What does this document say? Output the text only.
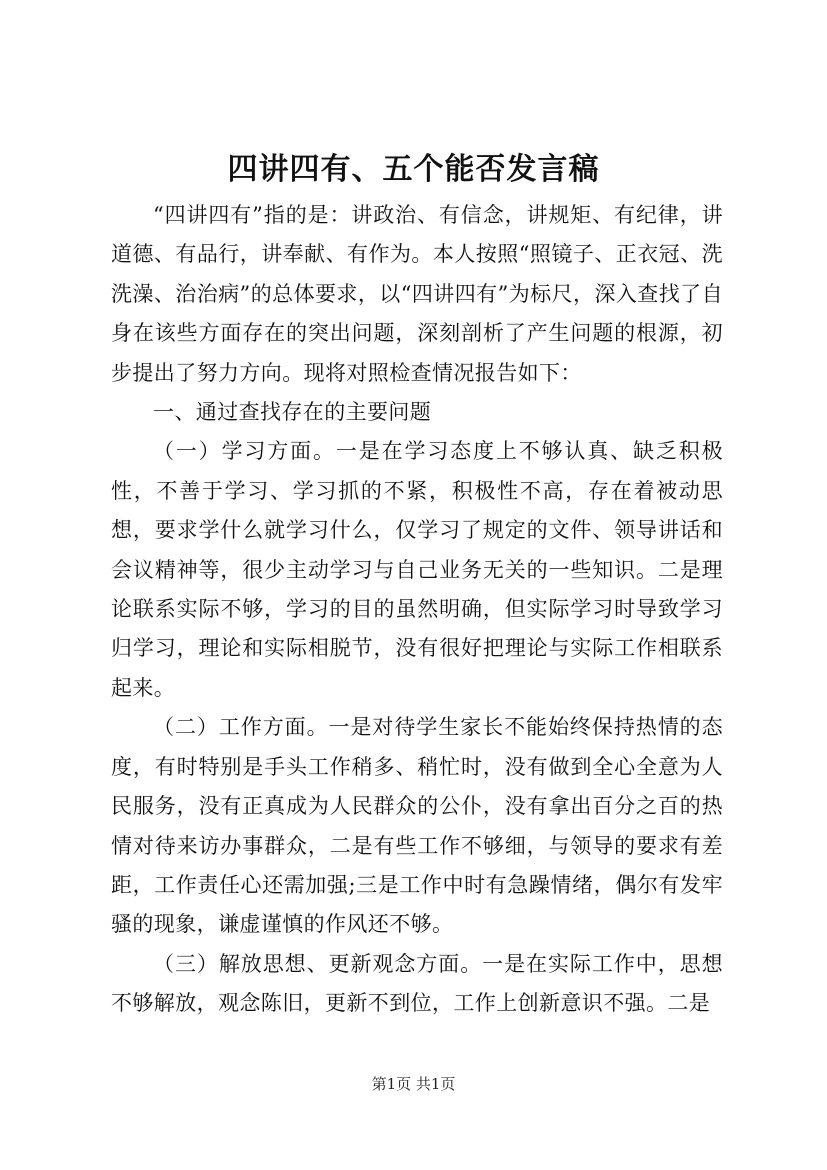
四讲四有、五个能否发言稿

“四讲四有”指的是：讲政治、有信念，讲规矩、有纪律，讲道德、有品行，讲奉献、有作为。本人按照“照镜子、正衣冠、洗洗澡、治治病”的总体要求，以“四讲四有”为标尺，深入查找了自身在该些方面存在的突出问题，深刻剖析了产生问题的根源，初步提出了努力方向。现将对照检查情况报告如下：

一、通过查找存在的主要问题

（一）学习方面。一是在学习态度上不够认真、缺乏积极性，不善于学习、学习抓的不紧，积极性不高，存在着被动思想，要求学什么就学习什么，仅学习了规定的文件、领导讲话和会议精神等，很少主动学习与自己业务无关的一些知识。二是理论联系实际不够，学习的目的虽然明确，但实际学习时导致学习归学习，理论和实际相脱节，没有很好把理论与实际工作相联系起来。

（二）工作方面。一是对待学生家长不能始终保持热情的态度，有时特别是手头工作稍多、稍忙时，没有做到全心全意为人民服务，没有正真成为人民群众的公仆，没有拿出百分之百的热情对待来访办事群众，二是有些工作不够细，与领导的要求有差距，工作责任心还需加强;三是工作中时有急躁情绪，偶尔有发牢骚的现象，谦虚谨慎的作风还不够。

（三）解放思想、更新观念方面。一是在实际工作中，思想不够解放，观念陈旧，更新不到位，工作上创新意识不强。二是

第1页 共1页
